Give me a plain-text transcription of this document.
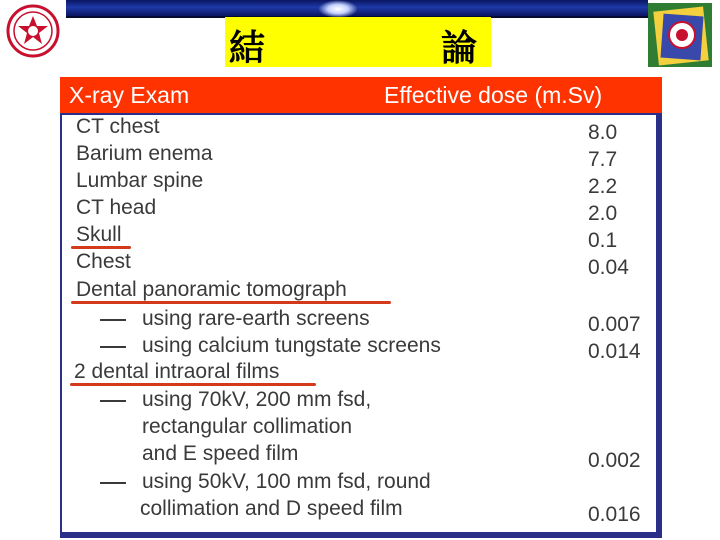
結	論
X-ray Exam	Effective dose (m.Sv)
CT chest	8.0
Barium enema	7.7
Lumbar spine	2.2
CT head	2.0
Skull	0.1
Chest	0.04
Dental panoramic tomograph
using rare-earth screens	0.007
using calcium tungstate screens	0.014
2 dental intraoral films
using 70kV, 200 mm fsd,
rectangular collimation
and E speed film	0.002
using 50kV, 100 mm fsd, round
collimation and D speed film	0.016
